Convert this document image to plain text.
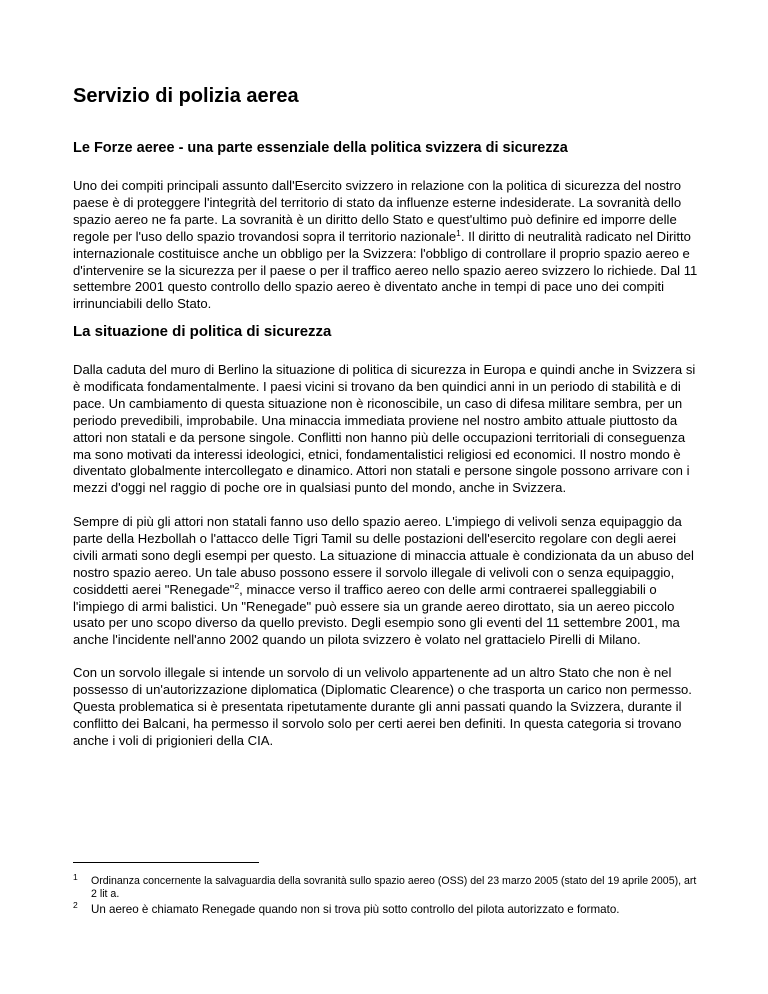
Servizio di polizia aerea
Le Forze aeree - una parte essenziale della politica svizzera di sicurezza

Uno dei compiti principali assunto dall'Esercito svizzero in relazione con la politica di sicurezza del nostro paese è di proteggere l'integrità del territorio di stato da influenze esterne indesiderate. La sovranità dello spazio aereo ne fa parte. La sovranità è un diritto dello Stato e quest'ultimo può definire ed imporre delle regole per l'uso dello spazio trovandosi sopra il territorio nazionale$^1$. Il diritto di neutralità radicato nel Diritto internazionale costituisce anche un obbligo per la Svizzera: l'obbligo di controllare il proprio spazio aereo e d'intervenire se la sicurezza per il paese o per il traffico aereo nello spazio aereo svizzero lo richiede. Dal 11 settembre 2001 questo controllo dello spazio aereo è diventato anche in tempi di pace uno dei compiti irrinunciabili dello Stato.

La situazione di politica di sicurezza

Dalla caduta del muro di Berlino la situazione di politica di sicurezza in Europa e quindi anche in Svizzera si è modificata fondamentalmente. I paesi vicini si trovano da ben quindici anni in un periodo di stabilità e di pace. Un cambiamento di questa situazione non è riconoscibile, un caso di difesa militare sembra, per un periodo prevedibili, improbabile. Una minaccia immediata proviene nel nostro ambito attuale piuttosto da attori non statali e da persone singole. Conflitti non hanno più delle occupazioni territoriali di conseguenza ma sono motivati da interessi ideologici, etnici, fondamentalistici religiosi ed economici. Il nostro mondo è diventato globalmente intercollegato e dinamico. Attori non statali e persone singole possono arrivare con i mezzi d'oggi nel raggio di poche ore in qualsiasi punto del mondo, anche in Svizzera.

Sempre di più gli attori non statali fanno uso dello spazio aereo. L'impiego di velivoli senza equipaggio da parte della Hezbollah o l'attacco delle Tigri Tamil su delle postazioni dell'esercito regolare con degli aerei civili armati sono degli esempi per questo. La situazione di minaccia attuale è condizionata da un abuso del nostro spazio aereo. Un tale abuso possono essere il sorvolo illegale di velivoli con o senza equipaggio, cosiddetti aerei "Renegade"$^2$, minacce verso il traffico aereo con delle armi contraerei spalleggiabili o l'impiego di armi balistici. Un "Renegade" può essere sia un grande aereo dirottato, sia un aereo piccolo usato per uno scopo diverso da quello previsto. Degli esempio sono gli eventi del 11 settembre 2001, ma anche l'incidente nell'anno 2002 quando un pilota svizzero è volato nel grattacielo Pirelli di Milano.

Con un sorvolo illegale si intende un sorvolo di un velivolo appartenente ad un altro Stato che non è nel possesso di un'autorizzazione diplomatica (Diplomatic Clearence) o che trasporta un carico non permesso. Questa problematica si è presentata ripetutamente durante gli anni passati quando la Svizzera, durante il conflitto dei Balcani, ha permesso il sorvolo solo per certi aerei ben definiti. In questa categoria si trovano anche i voli di prigionieri della CIA.

1	Ordinanza concernente la salvaguardia della sovranità sullo spazio aereo (OSS) del 23 marzo 2005 (stato del 19 aprile 2005), art 2 lit a.
2	Un aereo è chiamato Renegade quando non si trova più sotto controllo del pilota autorizzato e formato.
